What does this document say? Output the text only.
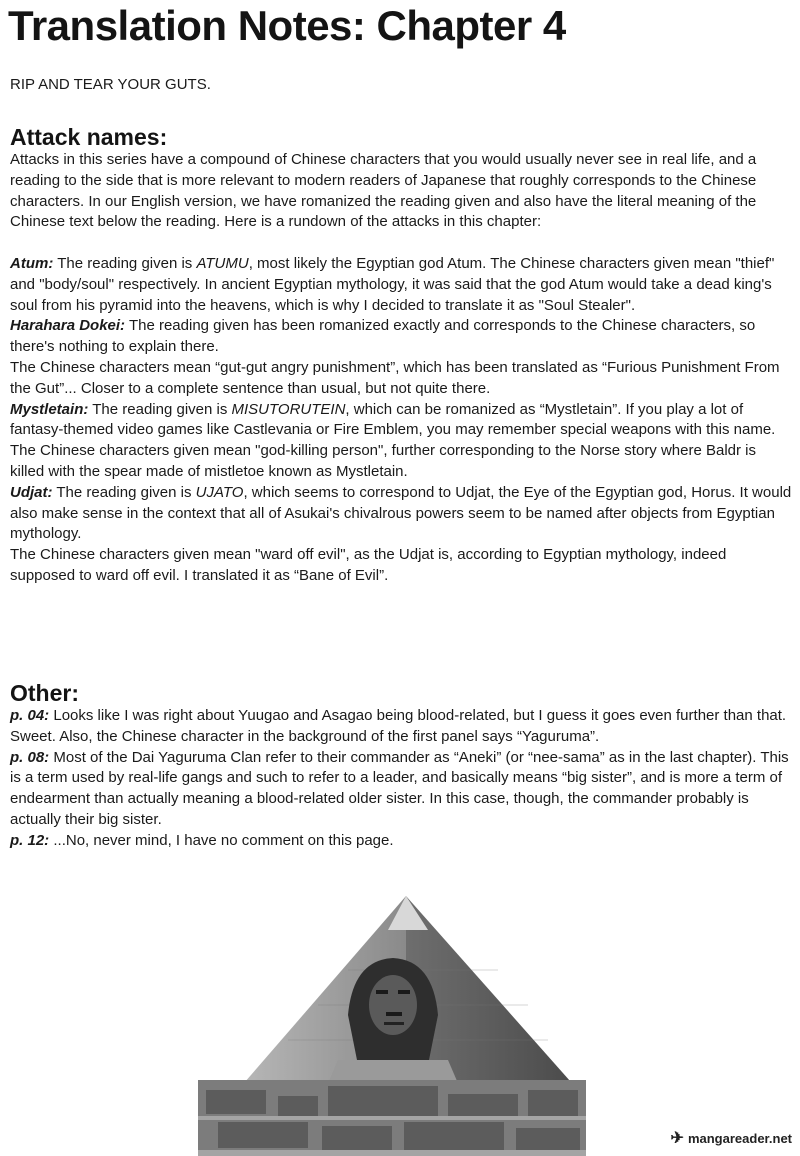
Translation Notes: Chapter 4

RIP AND TEAR YOUR GUTS.

Attack names:

Attacks in this series have a compound of Chinese characters that you would usually never see in real life, and a reading to the side that is more relevant to modern readers of Japanese that roughly corresponds to the Chinese characters. In our English version, we have romanized the reading given and also have the literal meaning of the Chinese text below the reading. Here is a rundown of the attacks in this chapter:

Atum: The reading given is ATUMU, most likely the Egyptian god Atum. The Chinese characters given mean "thief" and "body/soul" respectively. In ancient Egyptian mythology, it was said that the god Atum would take a dead king's soul from his pyramid into the heavens, which is why I decided to translate it as "Soul Stealer".

Harahara Dokei: The reading given has been romanized exactly and corresponds to the Chinese characters, so there's nothing to explain there.

The Chinese characters mean “gut-gut angry punishment”, which has been translated as “Furious Punishment From the Gut”... Closer to a complete sentence than usual, but not quite there.

Mystletain: The reading given is MISUTORUTEIN, which can be romanized as “Mystletain”. If you play a lot of fantasy-themed video games like Castlevania or Fire Emblem, you may remember special weapons with this name.

The Chinese characters given mean "god-killing person", further corresponding to the Norse story where Baldr is killed with the spear made of mistletoe known as Mystletain.

Udjat: The reading given is UJATO, which seems to correspond to Udjat, the Eye of the Egyptian god, Horus. It would also make sense in the context that all of Asukai's chivalrous powers seem to be named after objects from Egyptian mythology.

The Chinese characters given mean "ward off evil", as the Udjat is, according to Egyptian mythology, indeed supposed to ward off evil. I translated it as “Bane of Evil”.

Other:

p. 04: Looks like I was right about Yuugao and Asagao being blood-related, but I guess it goes even further than that. Sweet. Also, the Chinese character in the background of the first panel says “Yaguruma”.

p. 08: Most of the Dai Yaguruma Clan refer to their commander as “Aneki” (or “nee-sama” as in the last chapter). This is a term used by real-life gangs and such to refer to a leader, and basically means “big sister”, and is more a term of endearment than actually meaning a blood-related older sister. In this case, though, the commander probably is actually their big sister.

p. 12: ...No, never mind, I have no comment on this page.

✈ mangareader.net
